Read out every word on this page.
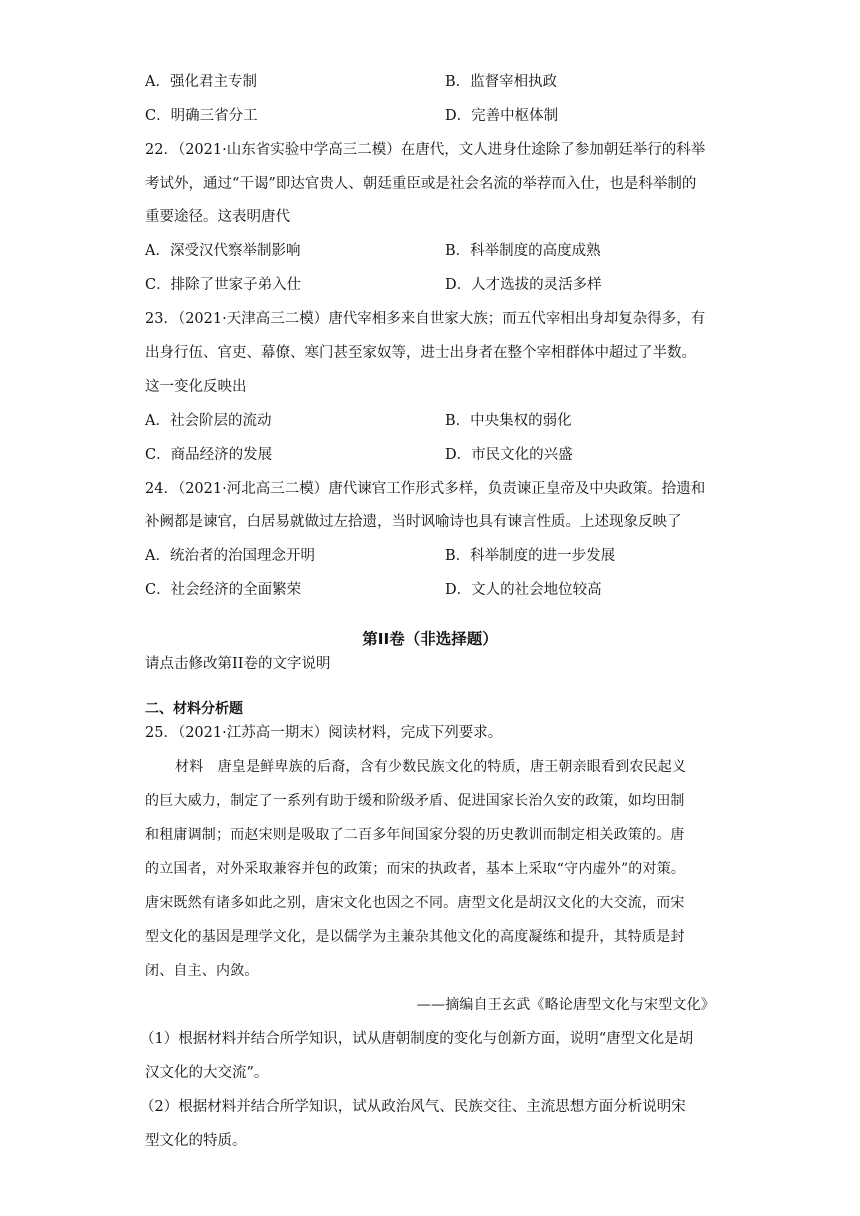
A．强化君主专制	B．监督宰相执政
C．明确三省分工	D．完善中枢体制
22．（2021·山东省实验中学高三二模）在唐代，文人进身仕途除了参加朝廷举行的科举
考试外，通过“干谒”即达官贵人、朝廷重臣或是社会名流的举荐而入仕，也是科举制的
重要途径。这表明唐代
A．深受汉代察举制影响	B．科举制度的高度成熟
C．排除了世家子弟入仕	D．人才选拔的灵活多样
23．（2021·天津高三二模）唐代宰相多来自世家大族；而五代宰相出身却复杂得多，有
出身行伍、官吏、幕僚、寒门甚至家奴等，进士出身者在整个宰相群体中超过了半数。
这一变化反映出
A．社会阶层的流动	B．中央集权的弱化
C．商品经济的发展	D．市民文化的兴盛
24．（2021·河北高三二模）唐代谏官工作形式多样，负责谏正皇帝及中央政策。拾遗和
补阙都是谏官，白居易就做过左拾遗，当时讽喻诗也具有谏言性质。上述现象反映了
A．统治者的治国理念开明	B．科举制度的进一步发展
C．社会经济的全面繁荣	D．文人的社会地位较高
第II卷（非选择题）
请点击修改第II卷的文字说明
二、材料分析题
25．（2021·江苏高一期末）阅读材料，完成下列要求。
材料　唐皇是鲜卑族的后裔，含有少数民族文化的特质，唐王朝亲眼看到农民起义
的巨大威力，制定了一系列有助于缓和阶级矛盾、促进国家长治久安的政策，如均田制
和租庸调制；而赵宋则是吸取了二百多年间国家分裂的历史教训而制定相关政策的。唐
的立国者，对外采取兼容并包的政策；而宋的执政者，基本上采取“守内虚外”的对策。
唐宋既然有诸多如此之别，唐宋文化也因之不同。唐型文化是胡汉文化的大交流，而宋
型文化的基因是理学文化，是以儒学为主兼杂其他文化的高度凝练和提升，其特质是封
闭、自主、内敛。
——摘编自王玄武《略论唐型文化与宋型文化》
（1）根据材料并结合所学知识，试从唐朝制度的变化与创新方面，说明“唐型文化是胡
汉文化的大交流”。
（2）根据材料并结合所学知识，试从政治风气、民族交往、主流思想方面分析说明宋
型文化的特质。
